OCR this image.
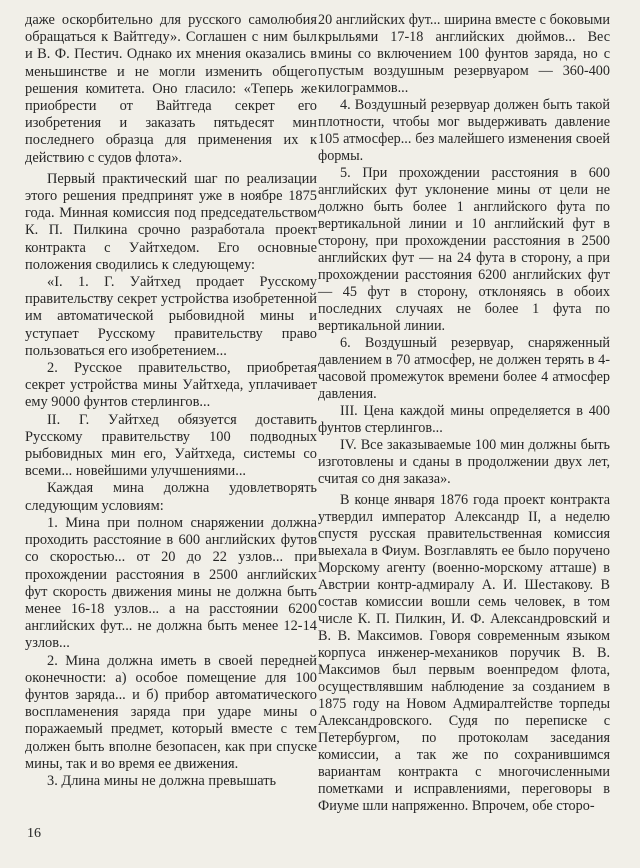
даже оскорбительно для русского самолюбия обращаться к Вайтгеду». Соглашен с ним был и В. Ф. Пестич. Однако их мнения оказались в меньшинстве и не могли изменить общего решения комитета. Оно гласило: «Теперь же приобрести от Вайтгеда секрет его изобретения и заказать пятьдесят мин последнего образца для применения их к действию с судов флота».

Первый практический шаг по реализации этого решения предпринят уже в ноябре 1875 года. Минная комиссия под председательством К. П. Пилкина срочно разработала проект контракта с Уайтхедом. Его основные положения сводились к следующему:

«I. 1. Г. Уайтхед продает Русскому правительству секрет устройства изобретенной им автоматической рыбовидной мины и уступает Русскому правительству право пользоваться его изобретением...

2. Русское правительство, приобретая секрет устройства мины Уайтхеда, уплачивает ему 9000 фунтов стерлингов...

II. Г. Уайтхед обязуется доставить Русскому правительству 100 подводных рыбовидных мин его, Уайтхеда, системы со всеми... новейшими улучшениями...

Каждая мина должна удовлетворять следующим условиям:

1. Мина при полном снаряжении должна проходить расстояние в 600 английских футов со скоростью... от 20 до 22 узлов... при прохождении расстояния в 2500 английских фут скорость движения мины не должна быть менее 16-18 узлов... а на расстоянии 6200 английских фут... не должна быть менее 12-14 узлов...

2. Мина должна иметь в своей передней оконечности: а) особое помещение для 100 фунтов заряда... и б) прибор автоматического воспламенения заряда при ударе мины о поражаемый предмет, который вместе с тем должен быть вполне безопасен, как при спуске мины, так и во время ее движения.

3. Длина мины не должна превышать

20 английских фут... ширина вместе с боковыми крыльями 17-18 английских дюймов... Вес мины со включением 100 фунтов заряда, но с пустым воздушным резервуаром — 360-400 килограммов...

4. Воздушный резервуар должен быть такой плотности, чтобы мог выдерживать давление 105 атмосфер... без малейшего изменения своей формы.

5. При прохождении расстояния в 600 английских фут уклонение мины от цели не должно быть более 1 английского фута по вертикальной линии и 10 английский фут в сторону, при прохождении расстояния в 2500 английских фут — на 24 фута в сторону, а при прохождении расстояния 6200 английских фут — 45 фут в сторону, отклоняясь в обоих последних случаях не более 1 фута по вертикальной линии.

6. Воздушный резервуар, снаряженный давлением в 70 атмосфер, не должен терять в 4-часовой промежуток времени более 4 атмосфер давления.

III. Цена каждой мины определяется в 400 фунтов стерлингов...

IV. Все заказываемые 100 мин должны быть изготовлены и сданы в продолжении двух лет, считая со дня заказа».

В конце января 1876 года проект контракта утвердил император Александр II, а неделю спустя русская правительственная комиссия выехала в Фиум. Возглавлять ее было поручено Морскому агенту (военно-морскому атташе) в Австрии контр-адмиралу А. И. Шестакову. В состав комиссии вошли семь человек, в том числе К. П. Пилкин, И. Ф. Александровский и В. В. Максимов. Говоря современным языком корпуса инженер-механиков поручик В. В. Максимов был первым военпредом флота, осуществлявшим наблюдение за созданием в 1875 году на Новом Адмиралтействе торпеды Александровского. Судя по переписке с Петербургом, по протоколам заседания комиссии, а так же по сохранившимся вариантам контракта с многочисленными пометками и исправлениями, переговоры в Фиуме шли напряженно. Впрочем, обе сторо-

16
